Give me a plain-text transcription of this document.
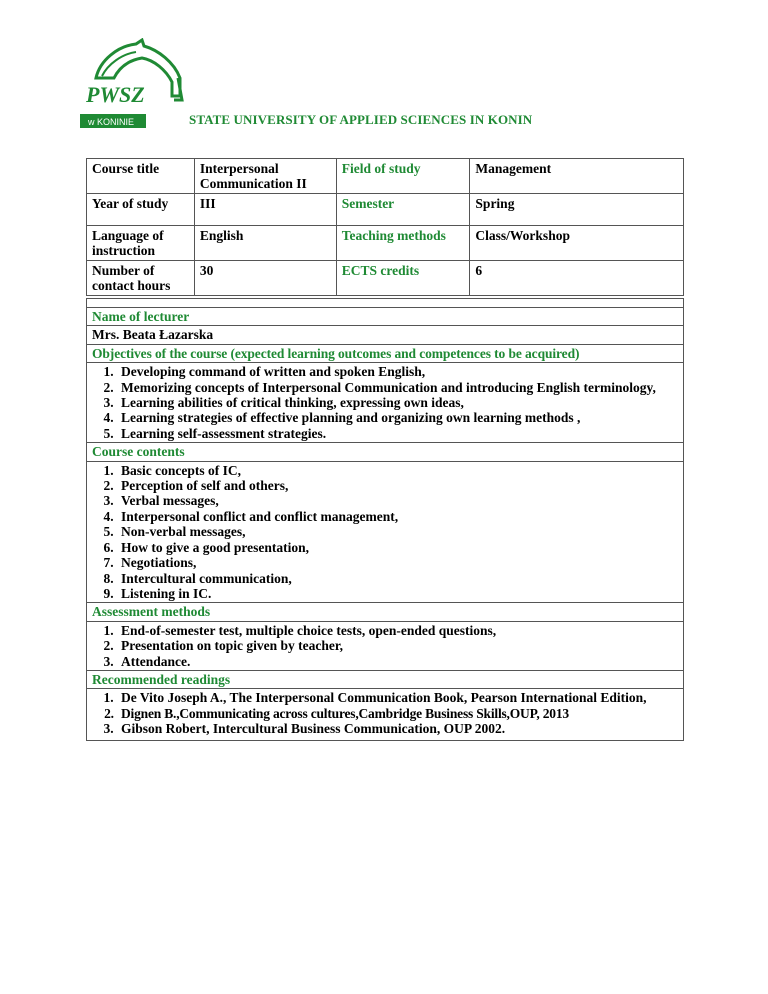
PWSZ
w KONINIE	STATE UNIVERSITY OF APPLIED SCIENCES IN KONIN
Course title	Interpersonal Communication II	Field of study	Management
Year of study	III	Semester	Spring
Language of instruction	English	Teaching methods	Class/Workshop
Number of contact hours	30	ECTS credits	6
Name of lecturer
Mrs. Beata Łazarska
Objectives of the course (expected learning outcomes and competences to be acquired)
1. Developing command of written and spoken English,
2. Memorizing concepts of Interpersonal Communication and introducing English terminology,
3. Learning abilities of critical thinking, expressing own ideas,
4. Learning strategies of effective planning and organizing own learning methods ,
5. Learning self-assessment strategies.
Course contents
1. Basic concepts of IC,
2. Perception of self and others,
3. Verbal messages,
4. Interpersonal conflict and conflict management,
5. Non-verbal messages,
6. How to give a good presentation,
7. Negotiations,
8. Intercultural communication,
9. Listening in IC.
Assessment methods
1. End-of-semester test, multiple choice tests, open-ended questions,
2. Presentation on topic given by teacher,
3. Attendance.
Recommended readings
1. De Vito Joseph A., The Interpersonal Communication Book, Pearson International Edition,
2. Dignen B.,Communicating across cultures,Cambridge Business Skills,OUP, 2013
3. Gibson Robert, Intercultural Business Communication, OUP 2002.
